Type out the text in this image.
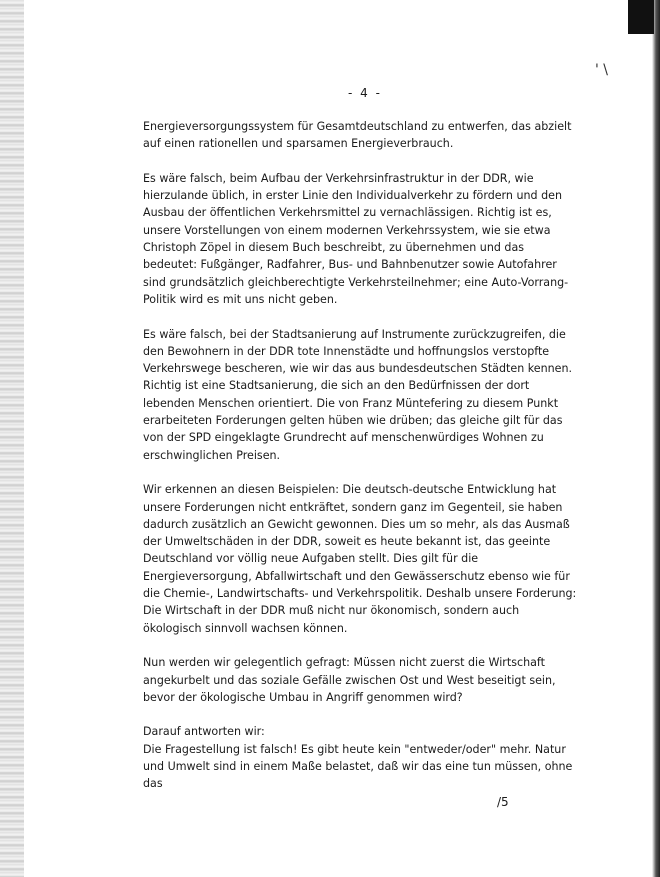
' \
- 4 -

Energieversorgungssystem für Gesamtdeutschland zu entwerfen, das abzielt auf einen rationellen und sparsamen Energieverbrauch.

Es wäre falsch, beim Aufbau der Verkehrsinfrastruktur in der DDR, wie hierzulande üblich, in erster Linie den Individualverkehr zu fördern und den Ausbau der öffentlichen Verkehrsmittel zu vernachlässigen. Richtig ist es, unsere Vorstellungen von einem modernen Verkehrssystem, wie sie etwa Christoph Zöpel in diesem Buch beschreibt, zu übernehmen und das bedeutet: Fußgänger, Radfahrer, Bus- und Bahnbenutzer sowie Autofahrer sind grundsätzlich gleichberechtigte Verkehrsteilnehmer; eine Auto-Vorrang-Politik wird es mit uns nicht geben.

Es wäre falsch, bei der Stadtsanierung auf Instrumente zurückzugreifen, die den Bewohnern in der DDR tote Innenstädte und hoffnungslos verstopfte Verkehrswege bescheren, wie wir das aus bundesdeutschen Städten kennen. Richtig ist eine Stadtsanierung, die sich an den Bedürfnissen der dort lebenden Menschen orientiert. Die von Franz Müntefering zu diesem Punkt erarbeiteten Forderungen gelten hüben wie drüben; das gleiche gilt für das von der SPD eingeklagte Grundrecht auf menschenwürdiges Wohnen zu erschwinglichen Preisen.

Wir erkennen an diesen Beispielen: Die deutsch-deutsche Entwicklung hat unsere Forderungen nicht entkräftet, sondern ganz im Gegenteil, sie haben dadurch zusätzlich an Gewicht gewonnen. Dies um so mehr, als das Ausmaß der Umweltschäden in der DDR, soweit es heute bekannt ist, das geeinte Deutschland vor völlig neue Aufgaben stellt. Dies gilt für die Energieversorgung, Abfallwirtschaft und den Gewässerschutz ebenso wie für die Chemie-, Landwirtschafts- und Verkehrspolitik. Deshalb unsere Forderung: Die Wirtschaft in der DDR muß nicht nur ökonomisch, sondern auch ökologisch sinnvoll wachsen können.

Nun werden wir gelegentlich gefragt: Müssen nicht zuerst die Wirtschaft angekurbelt und das soziale Gefälle zwischen Ost und West beseitigt sein, bevor der ökologische Umbau in Angriff genommen wird?

Darauf antworten wir:
Die Fragestellung ist falsch! Es gibt heute kein "entweder/oder" mehr. Natur und Umwelt sind in einem Maße belastet, daß wir das eine tun müssen, ohne das

/5
